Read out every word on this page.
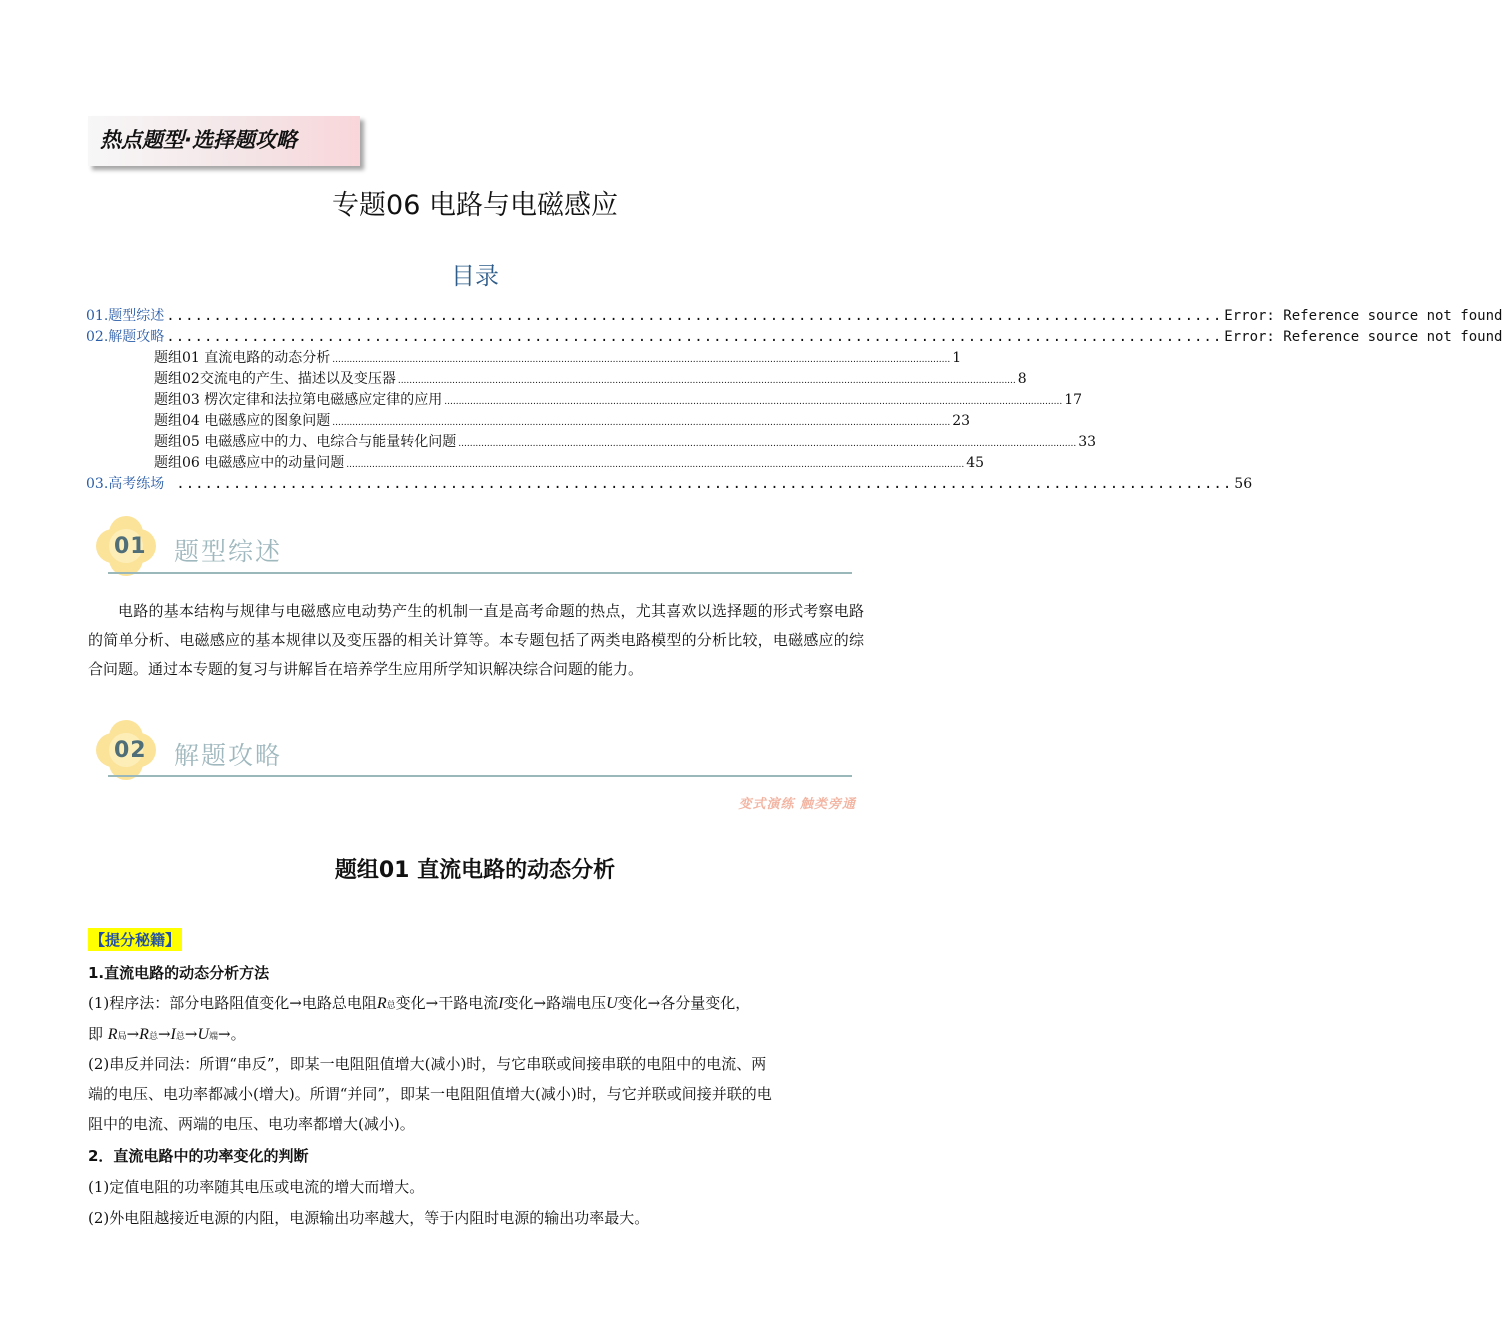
热点题型·选择题攻略
专题06 电路与电磁感应
目录
01.题型综述 ................................................................................................................ Error: Reference source not found
02.解题攻略 ................................................................................................................ Error: Reference source not found
题组01 直流电路的动态分析 ........................................................................................................................................................................................................................ 1
题组02交流电的产生、描述以及变压器 ........................................................................................................................................................................................................................ 8
题组03 楞次定律和法拉第电磁感应定律的应用 ........................................................................................................................................................................................................................ 17
题组04 电磁感应的图象问题 ........................................................................................................................................................................................................................ 23
题组05 电磁感应中的力、电综合与能量转化问题 ........................................................................................................................................................................................................................ 33
题组06 电磁感应中的动量问题 ........................................................................................................................................................................................................................ 45
03.高考练场 ................................................................................................................ 56
01 题型综述
电路的基本结构与规律与电磁感应电动势产生的机制一直是高考命题的热点，尤其喜欢以选择题的形式考察电路的简单分析、电磁感应的基本规律以及变压器的相关计算等。本专题包括了两类电路模型的分析比较，电磁感应的综合问题。通过本专题的复习与讲解旨在培养学生应用所学知识解决综合问题的能力。
02 解题攻略
变式演练 触类旁通
题组01 直流电路的动态分析
【提分秘籍】
1.直流电路的动态分析方法
(1)程序法：部分电路阻值变化→电路总电阻R总变化→干路电流I变化→路端电压U变化→各分量变化，
即 R局→R总→I总→U端→。
(2)串反并同法：所谓“串反”，即某一电阻阻值增大(减小)时，与它串联或间接串联的电阻中的电流、两
端的电压、电功率都减小(增大)。所谓“并同”，即某一电阻阻值增大(减小)时，与它并联或间接并联的电
阻中的电流、两端的电压、电功率都增大(减小)。
2．直流电路中的功率变化的判断
(1)定值电阻的功率随其电压或电流的增大而增大。
(2)外电阻越接近电源的内阻，电源输出功率越大，等于内阻时电源的输出功率最大。
